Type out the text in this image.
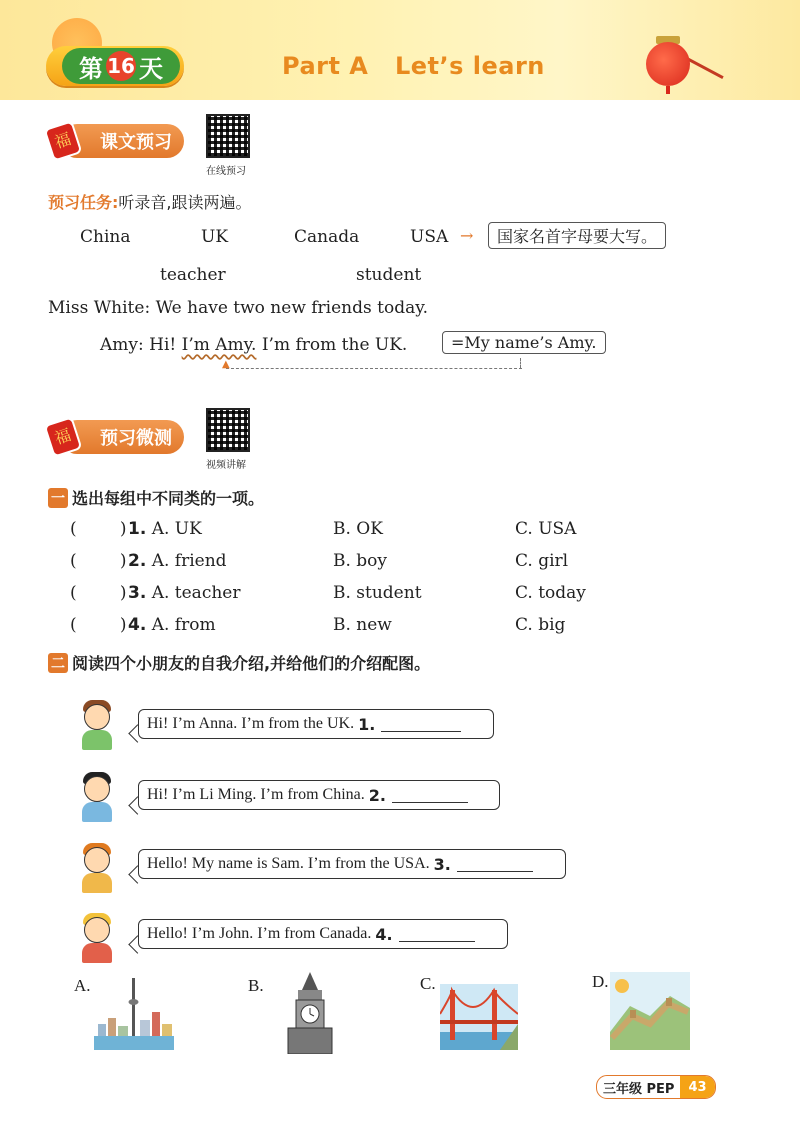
第 16 天	Part A   Let’s learn
课文预习
福
在线预习
预习任务:听录音,跟读两遍。
China	UK	Canada	USA →	国家名首字母要大写。
teacher	student
Miss White: We have two new friends today.
Amy: Hi! I’m Amy. I’m from the UK.	=My name’s Amy.
▲
预习微测
福
视频讲解
一 选出每组中不同类的一项。
(        ) 1. A. UK	B. OK	C. USA
(        ) 2. A. friend	B. boy	C. girl
(        ) 3. A. teacher	B. student	C. today
(        ) 4. A. from	B. new	C. big
二 阅读四个小朋友的自我介绍,并给他们的介绍配图。
Hi! I’m Anna. I’m from the UK.
1.
Hi! I’m Li Ming. I’m from China.
2.
Hello! My name is Sam. I’m from the USA.
3.
Hello! I’m John. I’m from Canada.
4.
A.	B.	C.	D.
三年级 PEP	43
